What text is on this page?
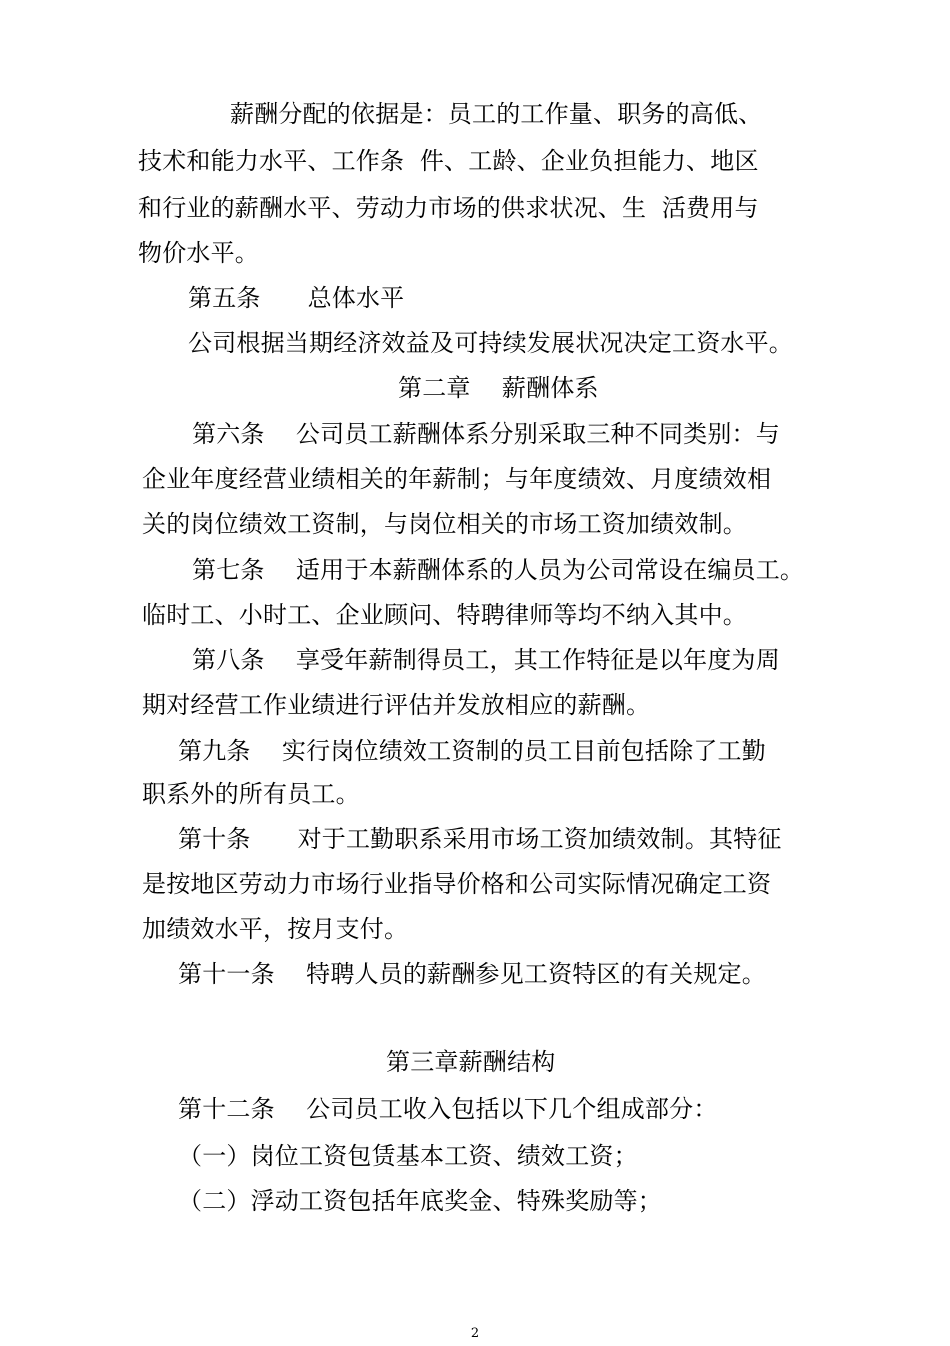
薪酬分配的依据是：员工的工作量、职务的高低、
技术和能力水平、工作条  件、工龄、企业负担能力、地区
和行业的薪酬水平、劳动力市场的供求状况、生  活费用与
物价水平。
第五条      总体水平
公司根据当期经济效益及可持续发展状况决定工资水平。
第二章    薪酬体系
第六条    公司员工薪酬体系分别采取三种不同类别：与
企业年度经营业绩相关的年薪制；与年度绩效、月度绩效相
关的岗位绩效工资制，与岗位相关的市场工资加绩效制。
第七条    适用于本薪酬体系的人员为公司常设在编员工。
临时工、小时工、企业顾问、特聘律师等均不纳入其中。
第八条    享受年薪制得员工，其工作特征是以年度为周
期对经营工作业绩进行评估并发放相应的薪酬。
第九条    实行岗位绩效工资制的员工目前包括除了工勤
职系外的所有员工。
第十条      对于工勤职系采用市场工资加绩效制。其特征
是按地区劳动力市场行业指导价格和公司实际情况确定工资
加绩效水平，按月支付。
第十一条    特聘人员的薪酬参见工资特区的有关规定。
第三章薪酬结构
第十二条    公司员工收入包括以下几个组成部分：
（一）岗位工资包赁基本工资、绩效工资；
（二）浮动工资包括年底奖金、特殊奖励等；
2
